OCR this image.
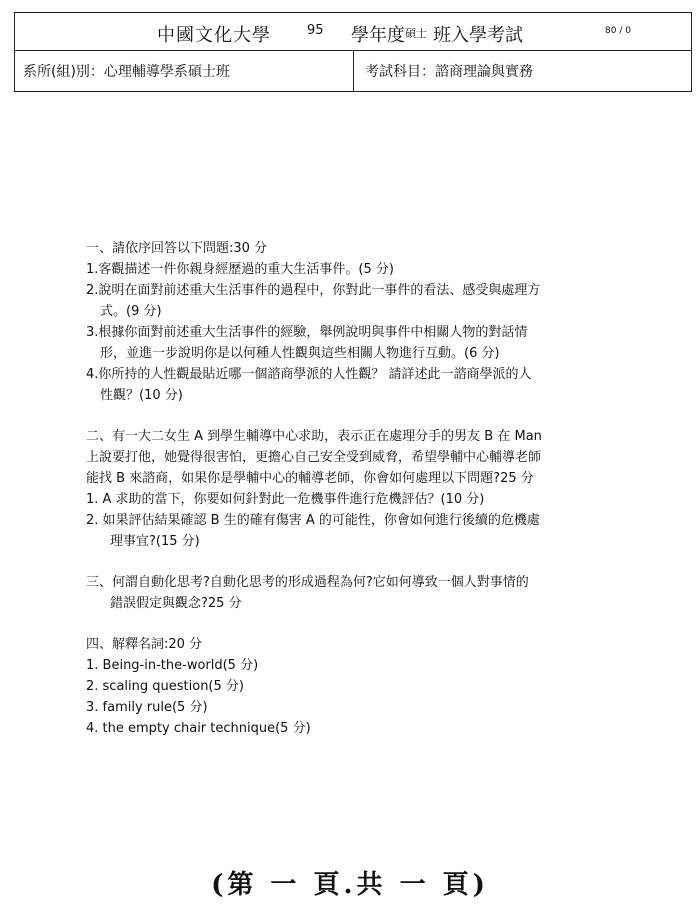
中國文化大學	95 學年度$^{碩士}$ 班入學考試	80 / 0
系所(組)別：心理輔導學系碩士班	考試科目：諮商理論與實務
一、請依序回答以下問題:30 分
1.客觀描述一件你親身經歷過的重大生活事件。(5 分)
2.說明在面對前述重大生活事件的過程中，你對此一事件的看法、感受與處理方
式。(9 分)
3.根據你面對前述重大生活事件的經驗，舉例說明與事件中相關人物的對話情
形，並進一步說明你是以何種人性觀與這些相關人物進行互動。(6 分)
4.你所持的人性觀最貼近哪一個諮商學派的人性觀？ 請詳述此一諮商學派的人
性觀？(10 分)
二、有一大二女生 A 到學生輔導中心求助，表示正在處理分手的男友 B 在 Man
上說要打他，她覺得很害怕，更擔心自己安全受到威脅，希望學輔中心輔導老師
能找 B 來諮商，如果你是學輔中心的輔導老師，你會如何處理以下問題?25 分
1. A 求助的當下，你要如何針對此一危機事件進行危機評估？(10 分)
2. 如果評估結果確認 B 生的確有傷害 A 的可能性，你會如何進行後續的危機處
理事宜?(15 分)
三、何謂自動化思考?自動化思考的形成過程為何?它如何導致一個人對事情的
錯誤假定與觀念?25 分
四、解釋名詞:20 分
1. Being-in-the-world(5 分)
2. scaling question(5 分)
3. family rule(5 分)
4. the empty chair technique(5 分)
(第 一 頁.共 一 頁)
